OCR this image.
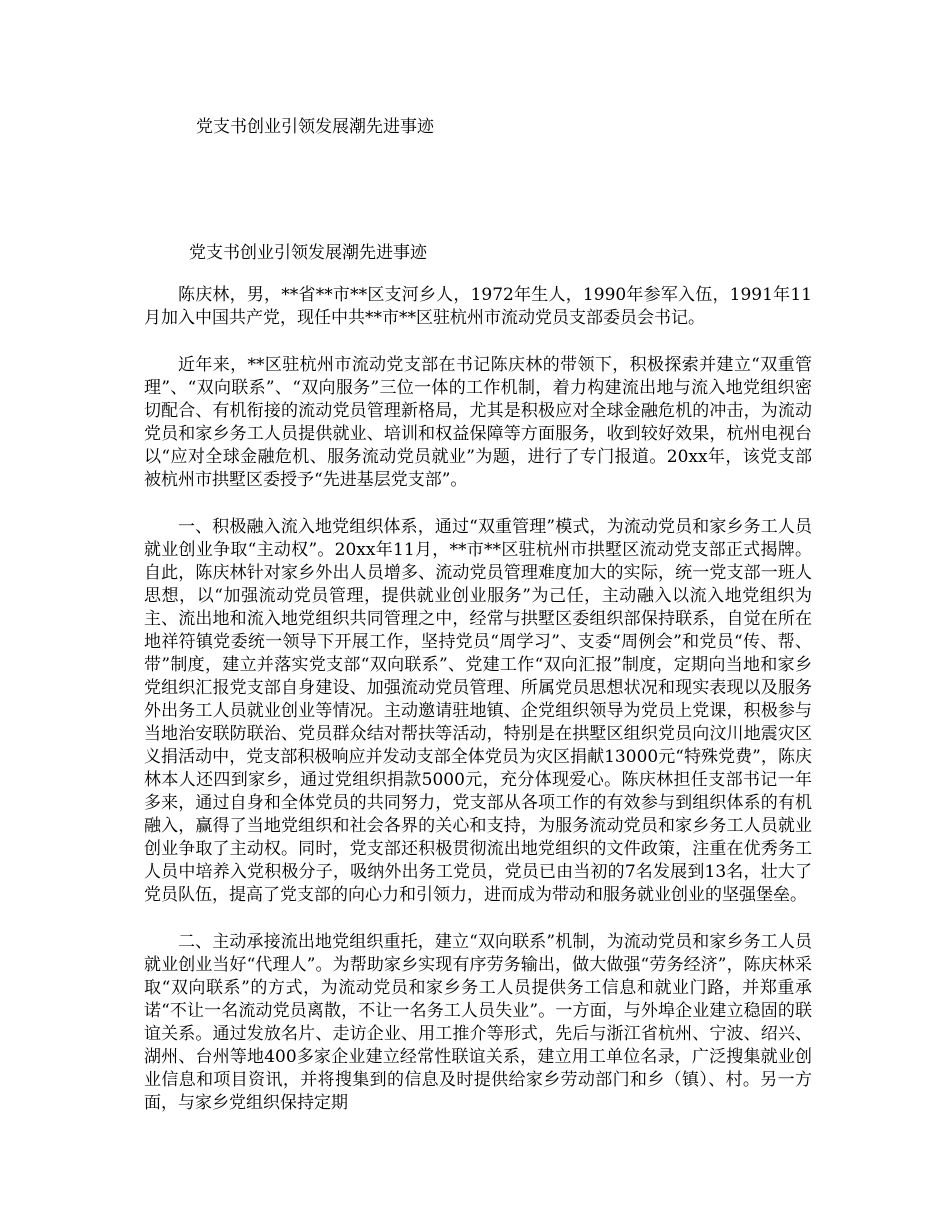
党支书创业引领发展潮先进事迹
党支书创业引领发展潮先进事迹

陈庆林，男，**省**市**区支河乡人，1972年生人，1990年参军入伍，1991年11月加入中国共产党，现任中共**市**区驻杭州市流动党员支部委员会书记。

近年来，**区驻杭州市流动党支部在书记陈庆林的带领下，积极探索并建立“双重管理”、“双向联系”、“双向服务”三位一体的工作机制，着力构建流出地与流入地党组织密切配合、有机衔接的流动党员管理新格局，尤其是积极应对全球金融危机的冲击，为流动党员和家乡务工人员提供就业、培训和权益保障等方面服务，收到较好效果，杭州电视台以“应对全球金融危机、服务流动党员就业”为题，进行了专门报道。20xx年，该党支部被杭州市拱墅区委授予“先进基层党支部”。

一、积极融入流入地党组织体系，通过“双重管理”模式，为流动党员和家乡务工人员就业创业争取“主动权”。20xx年11月，**市**区驻杭州市拱墅区流动党支部正式揭牌。自此，陈庆林针对家乡外出人员增多、流动党员管理难度加大的实际，统一党支部一班人思想，以“加强流动党员管理，提供就业创业服务”为己任，主动融入以流入地党组织为主、流出地和流入地党组织共同管理之中，经常与拱墅区委组织部保持联系，自觉在所在地祥符镇党委统一领导下开展工作，坚持党员“周学习”、支委“周例会”和党员“传、帮、带”制度，建立并落实党支部“双向联系”、党建工作“双向汇报”制度，定期向当地和家乡党组织汇报党支部自身建设、加强流动党员管理、所属党员思想状况和现实表现以及服务外出务工人员就业创业等情况。主动邀请驻地镇、企党组织领导为党员上党课，积极参与当地治安联防联治、党员群众结对帮扶等活动，特别是在拱墅区组织党员向汶川地震灾区义捐活动中，党支部积极响应并发动支部全体党员为灾区捐献13000元“特殊党费”，陈庆林本人还四到家乡，通过党组织捐款5000元，充分体现爱心。陈庆林担任支部书记一年多来，通过自身和全体党员的共同努力，党支部从各项工作的有效参与到组织体系的有机融入，赢得了当地党组织和社会各界的关心和支持，为服务流动党员和家乡务工人员就业创业争取了主动权。同时，党支部还积极贯彻流出地党组织的文件政策，注重在优秀务工人员中培养入党积极分子，吸纳外出务工党员，党员已由当初的7名发展到13名，壮大了党员队伍，提高了党支部的向心力和引领力，进而成为带动和服务就业创业的坚强堡垒。

二、主动承接流出地党组织重托，建立“双向联系”机制，为流动党员和家乡务工人员就业创业当好“代理人”。为帮助家乡实现有序劳务输出，做大做强“劳务经济”，陈庆林采取“双向联系”的方式，为流动党员和家乡务工人员提供务工信息和就业门路，并郑重承诺“不让一名流动党员离散，不让一名务工人员失业”。一方面，与外埠企业建立稳固的联谊关系。通过发放名片、走访企业、用工推介等形式，先后与浙江省杭州、宁波、绍兴、湖州、台州等地400多家企业建立经常性联谊关系，建立用工单位名录，广泛搜集就业创业信息和项目资讯，并将搜集到的信息及时提供给家乡劳动部门和乡（镇）、村。另一方面，与家乡党组织保持定期
